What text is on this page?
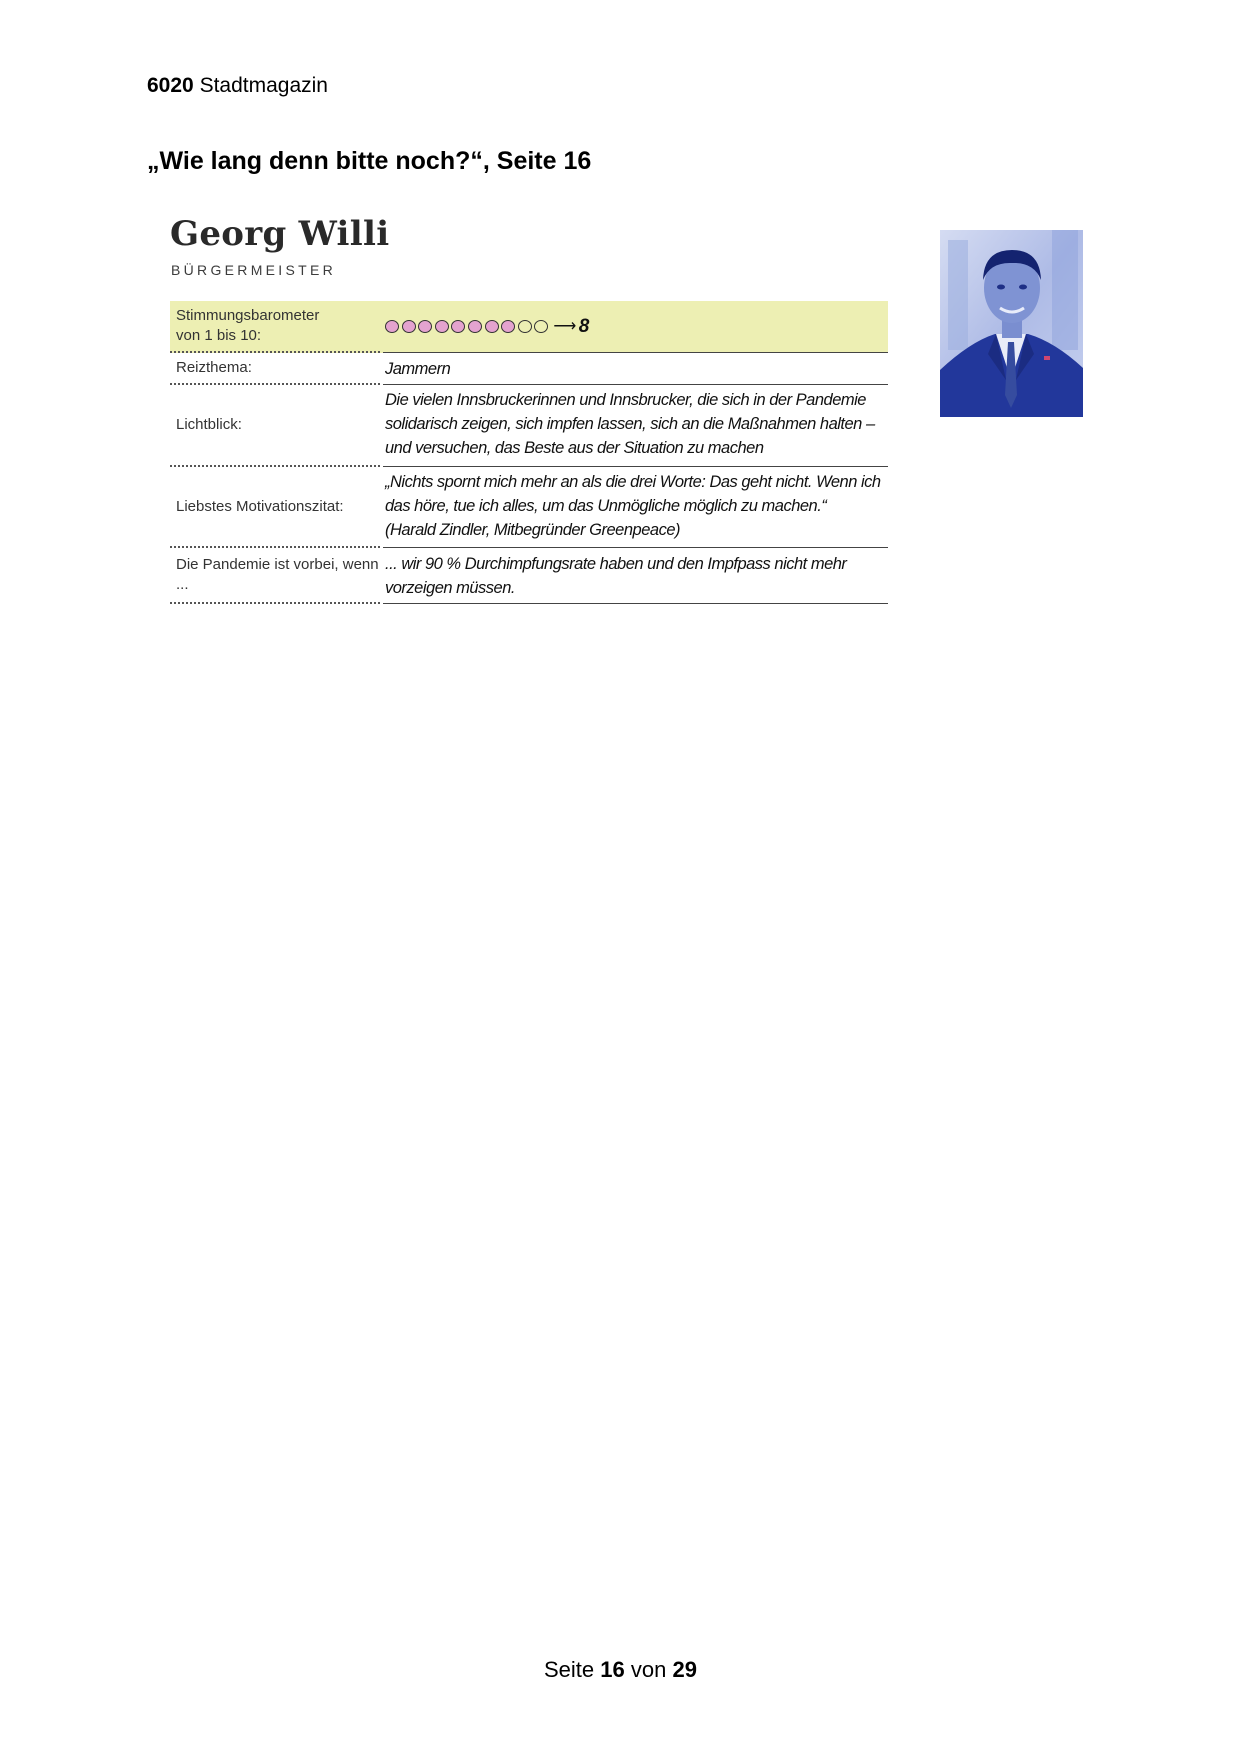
6020 Stadtmagazin
„Wie lang denn bitte noch?“, Seite 16
Georg Willi
BÜRGERMEISTER
Stimmungsbarometer
von 1 bis 10:
⟶ 8
Reizthema:	Jammern
Lichtblick:
Die vielen Innsbruckerinnen und Innsbrucker, die sich in der Pandemie solidarisch zeigen, sich impfen lassen, sich an die Maßnahmen halten – und versuchen, das Beste aus der Situation zu machen
Liebstes Motivationszitat:
„Nichts spornt mich mehr an als die drei Worte: Das geht nicht. Wenn ich das höre, tue ich alles, um das Unmögliche möglich zu machen.“
(Harald Zindler, Mitbegründer Greenpeace)
Die Pandemie ist vorbei, wenn ...
... wir 90 % Durchimpfungsrate haben und den Impfpass nicht mehr vorzeigen müssen.
Seite 16 von 29
